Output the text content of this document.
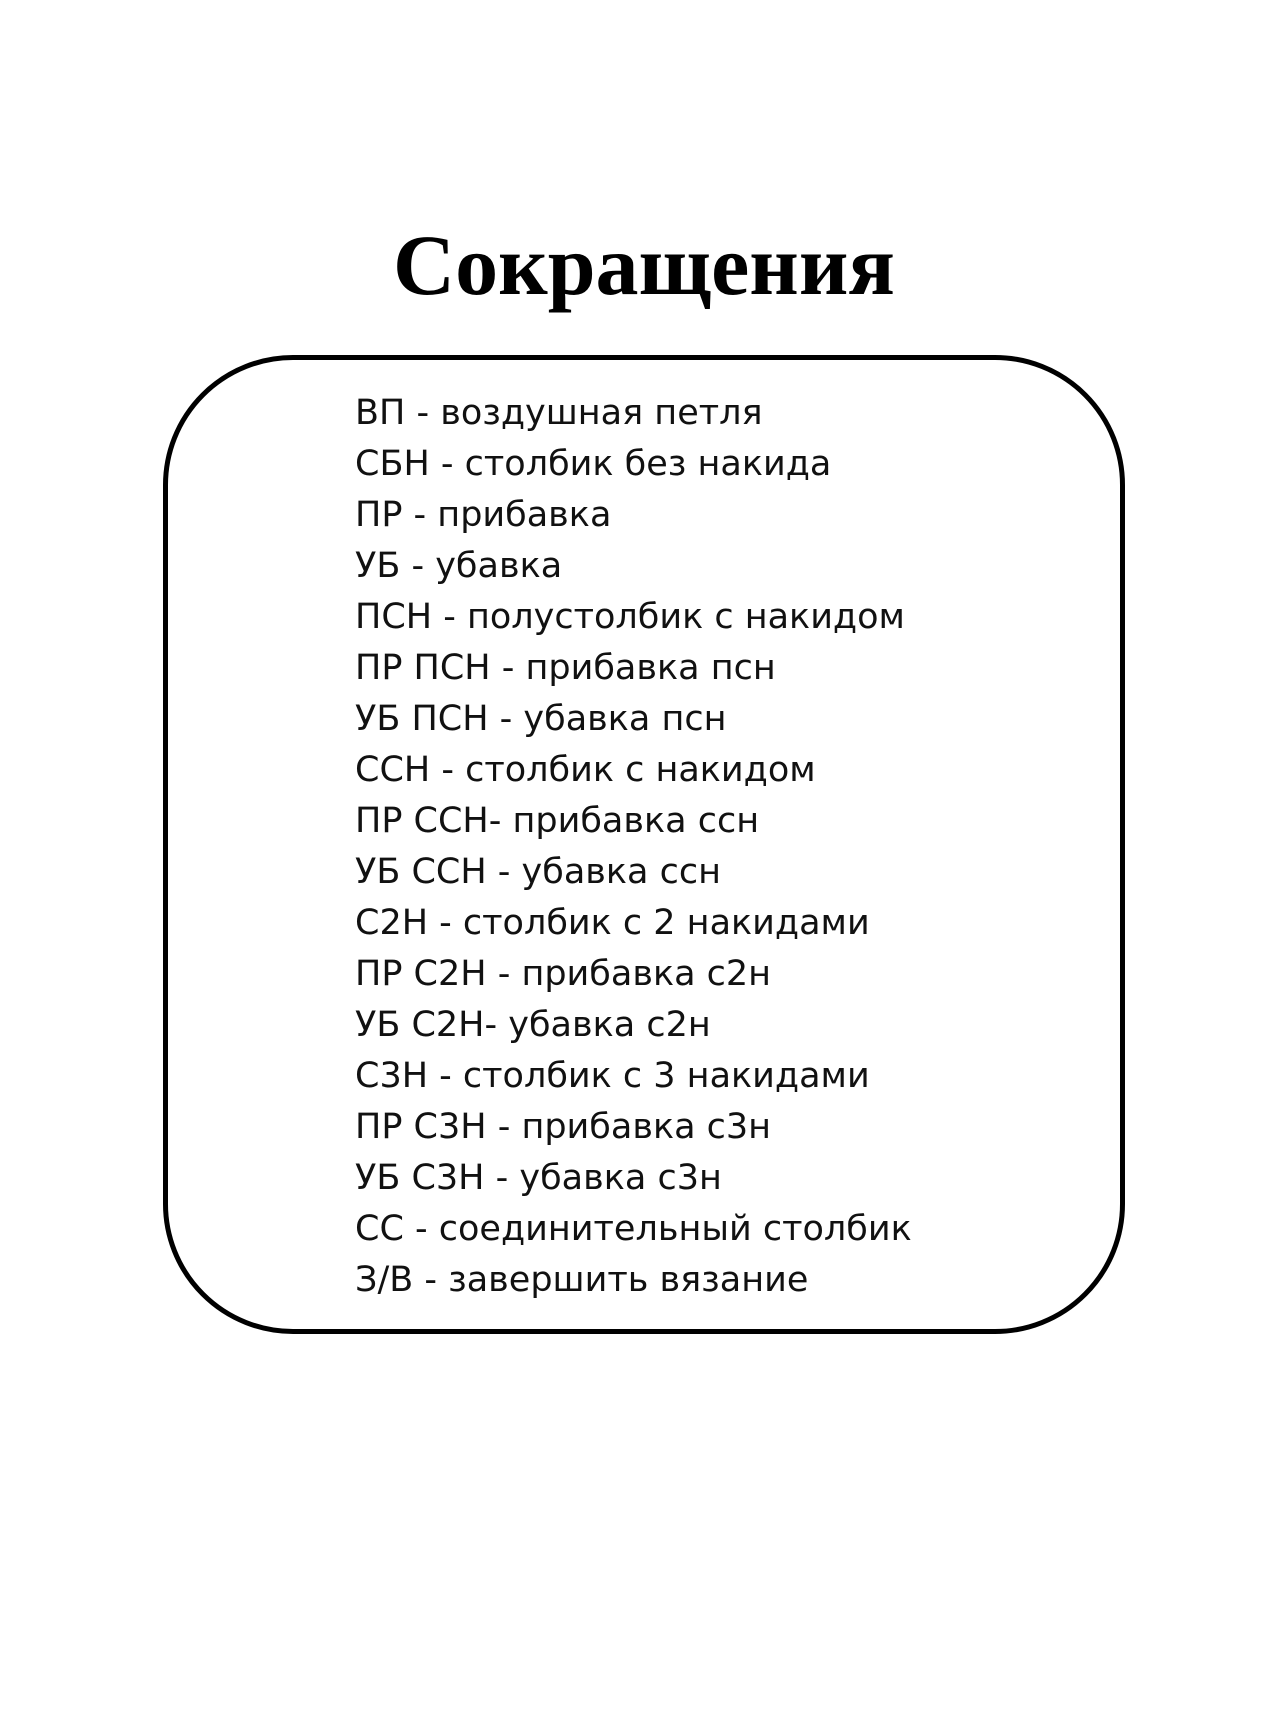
Сокращения
ВП - воздушная петля
СБН - столбик без накида
ПР - прибавка
УБ - убавка
ПСН - полустолбик с накидом
ПР ПСН - прибавка псн
УБ ПСН - убавка псн
ССН - столбик с накидом
ПР ССН- прибавка ссн
УБ ССН - убавка ссн
С2Н - столбик с 2 накидами
ПР С2Н - прибавка с2н
УБ С2Н- убавка с2н
С3Н - столбик с 3 накидами
ПР С3Н - прибавка с3н
УБ С3Н - убавка с3н
СС - соединительный столбик
З/В - завершить вязание
